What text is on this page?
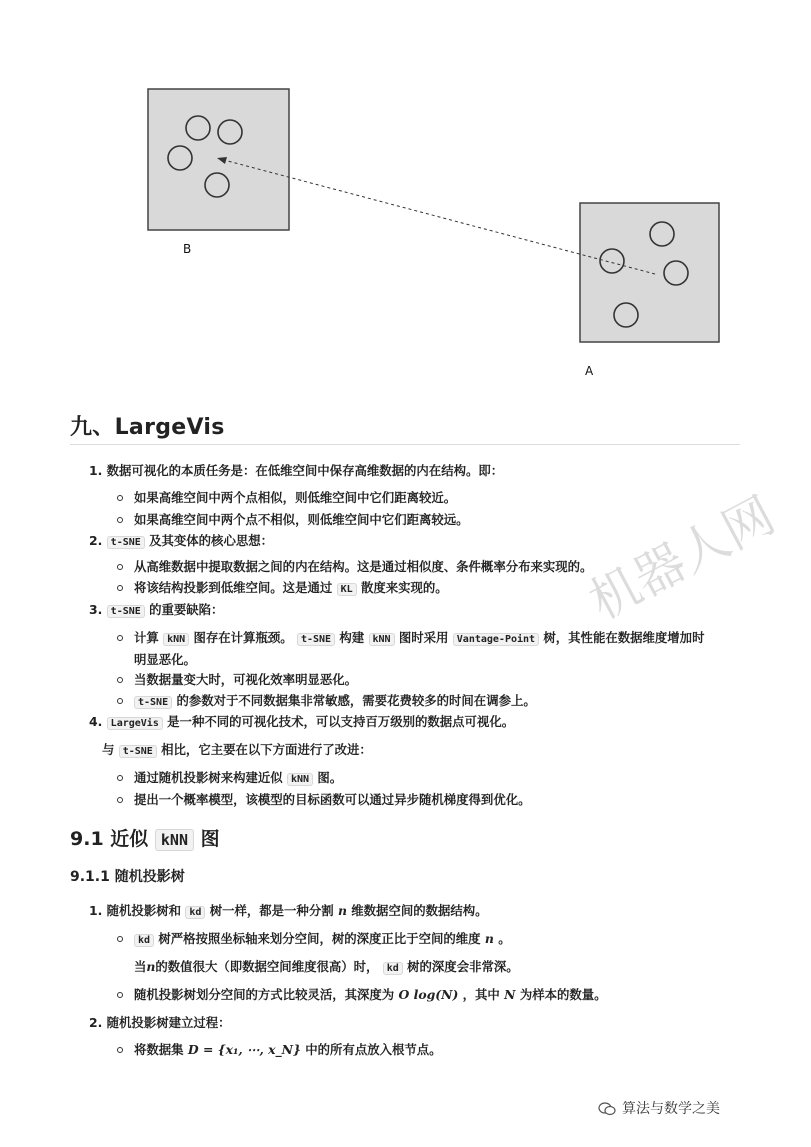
B
A
九、LargeVis
1. 数据可视化的本质任务是：在低维空间中保存高维数据的内在结构。即：
如果高维空间中两个点相似，则低维空间中它们距离较近。
如果高维空间中两个点不相似，则低维空间中它们距离较远。
2. t-SNE 及其变体的核心思想：
从高维数据中提取数据之间的内在结构。这是通过相似度、条件概率分布来实现的。
将该结构投影到低维空间。这是通过 KL 散度来实现的。
3. t-SNE 的重要缺陷：
计算 kNN 图存在计算瓶颈。 t-SNE 构建 kNN 图时采用 Vantage-Point 树，其性能在数据维度增加时
明显恶化。
当数据量变大时，可视化效率明显恶化。
t-SNE 的参数对于不同数据集非常敏感，需要花费较多的时间在调参上。
4. LargeVis 是一种不同的可视化技术，可以支持百万级别的数据点可视化。
与 t-SNE 相比，它主要在以下方面进行了改进：
通过随机投影树来构建近似 kNN 图。
提出一个概率模型，该模型的目标函数可以通过异步随机梯度得到优化。
9.1 近似 kNN 图
9.1.1 随机投影树
1. 随机投影树和 kd 树一样，都是一种分割 n 维数据空间的数据结构。
kd 树严格按照坐标轴来划分空间，树的深度正比于空间的维度 n 。
当n的数值很大（即数据空间维度很高）时， kd 树的深度会非常深。
随机投影树划分空间的方式比较灵活，其深度为 O log(N) ，其中 N 为样本的数量。
2. 随机投影树建立过程：
将数据集 D = {x₁, ⋯, x_N} 中的所有点放入根节点。
机器人网
算法与数学之美
